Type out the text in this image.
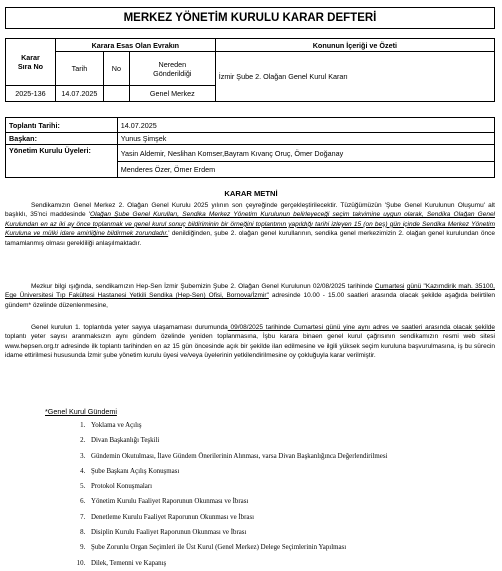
MERKEZ YÖNETİM KURULU KARAR DEFTERİ
Karar
Sıra No	Karara Esas Olan Evrakın			Konunun İçeriği ve Özeti
	Tarih	No	Nereden
Gönderildiği	İzmir Şube 2. Olağan Genel Kurul Kararı
2025-136	14.07.2025		Genel Merkez	
Toplantı Tarihi:	14.07.2025
Başkan:	Yunus Şimşek
Yönetim Kurulu Üyeleri:	Yasin Aldemir, Neslihan Komser,Bayram Kıvanç Oruç, Ömer Doğanay
	Menderes Özer, Ömer Erdem
KARAR METNİ

Sendikamızın Genel Merkez 2. Olağan Genel Kurulu 2025 yılının son çeyreğinde gerçekleştirilecektir. Tüzüğümüzün 'Şube Genel Kurulunun Oluşumu' alt başlıklı, 35'nci maddesinde 'Olağan Şube Genel Kurulları, Sendika Merkez Yönetim Kurulunun belirleyeceği seçim takvimine uygun olarak, Sendika Olağan Genel Kurulundan en az iki ay önce toplanmak ve genel kurul sonuç bildiriminin bir örneğini toplantının yapıldığı tarihi izleyen 15 (on beş) gün içinde Sendika Merkez Yönetim Kuruluna ve mülki idare amirliğine bildirmek zorundadır.' denildiğinden, şube 2. olağan genel kurullarının, sendika genel merkezimizin 2. olağan genel kurulundan önce tamamlanmış olması gerekliliği anlaşılmaktadır.

Mezkur bilgi ışığında, sendikamızın Hep-Sen İzmir Şubemizin Şube 2. Olağan Genel Kurulunun 02/08/2025 tarihinde Cumartesi günü "Kazımdirik mah. 35100, Ege Üniversitesi Tıp Fakültesi Hastanesi Yetkili Sendika (Hep-Sen) Ofisi, Bornova/İzmir" adresinde 10.00 - 15.00 saatleri arasında olacak şekilde aşağıda belirtilen gündem* özelinde düzenlenmesine,

Genel kurulun 1. toplantıda yeter sayıya ulaşamaması durumunda 09/08/2025 tarihinde Cumartesi günü yine aynı adres ve saatleri arasında olacak şekilde toplantı yeter sayısı aranmaksızın aynı gündem özelinde yeniden toplanmasına, İşbu karara binaen genel kurul çağrısının sendikamızın resmi web sitesi www.hepsen.org.tr adresinde ilk toplantı tarihinden en az 15 gün öncesinde açık bir şekilde ilan edilmesine ve ilgili yüksek seçim kuruluna başvurulmasına, iş bu sürecin idame ettirilmesi hususunda İzmir şube yönetim kurulu üyesi ve/veya üyelerinin yetkilendirilmesine oy çokluğuyla karar verilmiştir.

*Genel Kurul Gündemi
1. Yoklama ve Açılış
2. Divan Başkanlığı Teşkili
3. Gündemin Okutulması, İlave Gündem Önerilerinin Alınması, varsa Divan Başkanlığınca Değerlendirilmesi
4. Şube Başkanı Açılış Konuşması
5. Protokol Konuşmaları
6. Yönetim Kurulu Faaliyet Raporunun Okunması ve İbrası
7. Denetleme Kurulu Faaliyet Raporunun Okunması ve İbrası
8. Disiplin Kurulu Faaliyet Raporunun Okunması ve İbrası
9. Şube Zorunlu Organ Seçimleri ile Üst Kurul (Genel Merkez) Delege Seçimlerinin Yapılması
10. Dilek, Temenni ve Kapanış
